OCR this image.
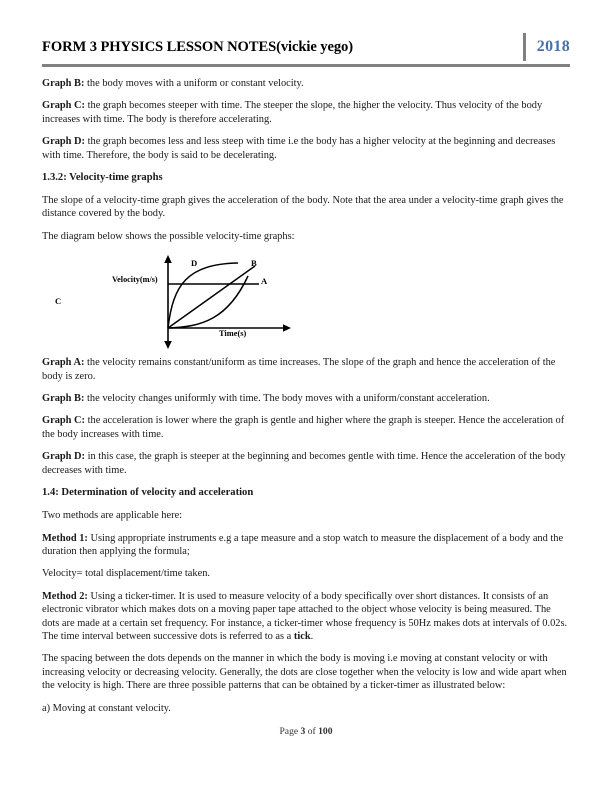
FORM 3 PHYSICS LESSON NOTES(vickie yego)	2018

Graph B: the body moves with a uniform or constant velocity.

Graph C: the graph becomes steeper with time. The steeper the slope, the higher the velocity. Thus velocity of the body increases with time. The body is therefore accelerating.

Graph D: the graph becomes less and less steep with time i.e the body has a higher velocity at the beginning and decreases with time. Therefore, the body is said to be decelerating.

1.3.2: Velocity-time graphs

The slope of a velocity-time graph gives the acceleration of the body. Note that the area under a velocity-time graph gives the distance covered by the body.

The diagram below shows the possible velocity-time graphs:

Velocity(m/s)
C
Time(s)
D	B
A

Graph A: the velocity remains constant/uniform as time increases. The slope of the graph and hence the acceleration of the body is zero.

Graph B: the velocity changes uniformly with time. The body moves with a uniform/constant acceleration.

Graph C: the acceleration is lower where the graph is gentle and higher where the graph is steeper. Hence the acceleration of the body increases with time.

Graph D: in this case, the graph is steeper at the beginning and becomes gentle with time. Hence the acceleration of the body decreases with time.

1.4: Determination of velocity and acceleration

Two methods are applicable here:

Method 1: Using appropriate instruments e.g a tape measure and a stop watch to measure the displacement of a body and the duration then applying the formula;

Velocity= total displacement/time taken.

Method 2: Using a ticker-timer. It is used to measure velocity of a body specifically over short distances. It consists of an electronic vibrator which makes dots on a moving paper tape attached to the object whose velocity is being measured. The dots are made at a certain set frequency. For instance, a ticker-timer whose frequency is 50Hz makes dots at intervals of 0.02s. The time interval between successive dots is referred to as a tick.

The spacing between the dots depends on the manner in which the body is moving i.e moving at constant velocity or with increasing velocity or decreasing velocity. Generally, the dots are close together when the velocity is low and wide apart when the velocity is high. There are three possible patterns that can be obtained by a ticker-timer as illustrated below:

a) Moving at constant velocity.

Page 3 of 100
